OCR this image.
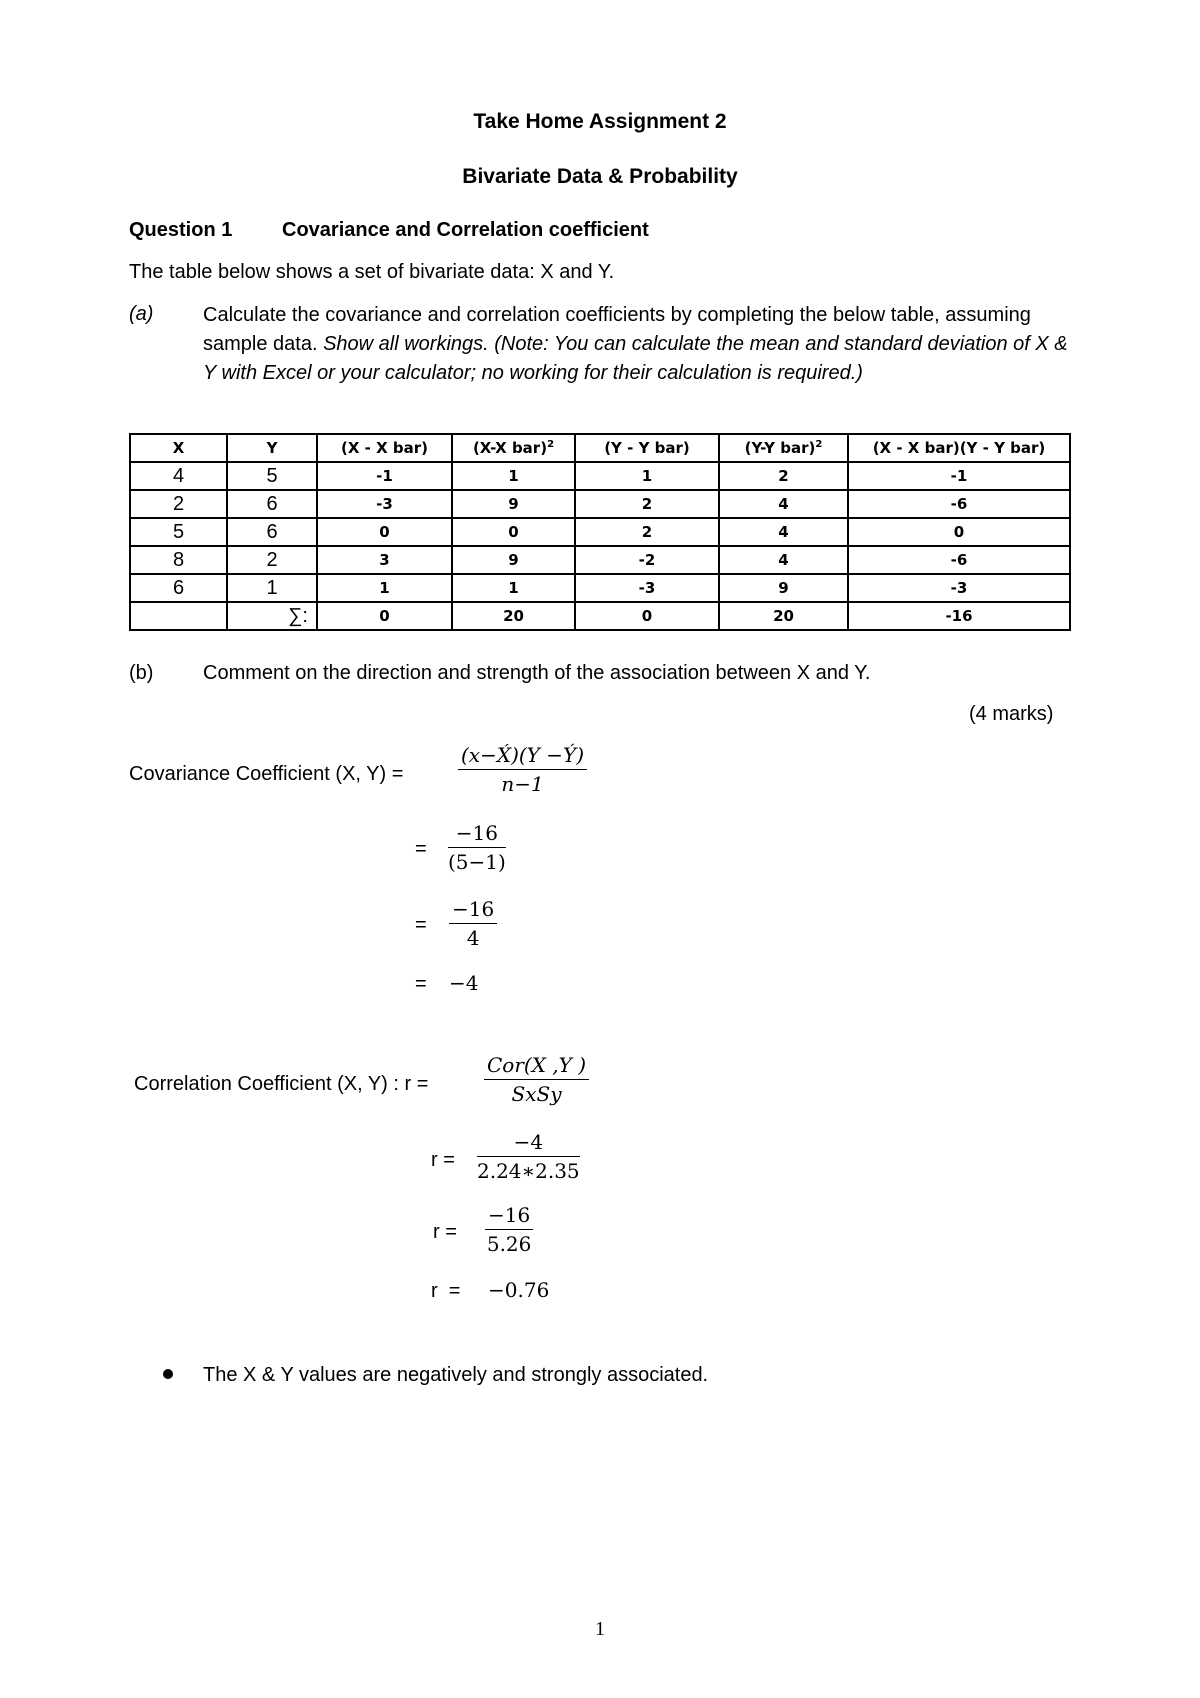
Take Home Assignment 2
Bivariate Data & Probability
Question 1 Covariance and Correlation coefficient
The table below shows a set of bivariate data: X and Y.
(a) Calculate the covariance and correlation coefficients by completing the below table, assuming sample data. Show all workings. (Note: You can calculate the mean and standard deviation of X & Y with Excel or your calculator; no working for their calculation is required.)
X	Y	(X - X bar)	(X-X bar)$^2$	(Y - Y bar)	(Y-Y bar)$^2$	(X - X bar)(Y - Y bar)
4	5	-1	1	1	2	-1
2	6	-3	9	2	4	-6
5	6	0	0	2	4	0
8	2	3	9	-2	4	-6
6	1	1	1	-3	9	-3
	∑:	0	20	0	20	-16
(b) Comment on the direction and strength of the association between X and Y.
(4 marks)
Covariance Coefficient (X, Y) =	$\frac{(x-X́)(Y -Ý)}{n-1}$
= $\frac{-16}{(5-1)}$
= $\frac{-16}{4}$
= −4
Correlation Coefficient (X, Y) : r =
Cor(X ,Y )
SxSy
$r = \frac{-4}{2.24∗2.35}$
$r = \frac{-16}{5.26}$
r  = −0.76
The X & Y values are negatively and strongly associated.
1
